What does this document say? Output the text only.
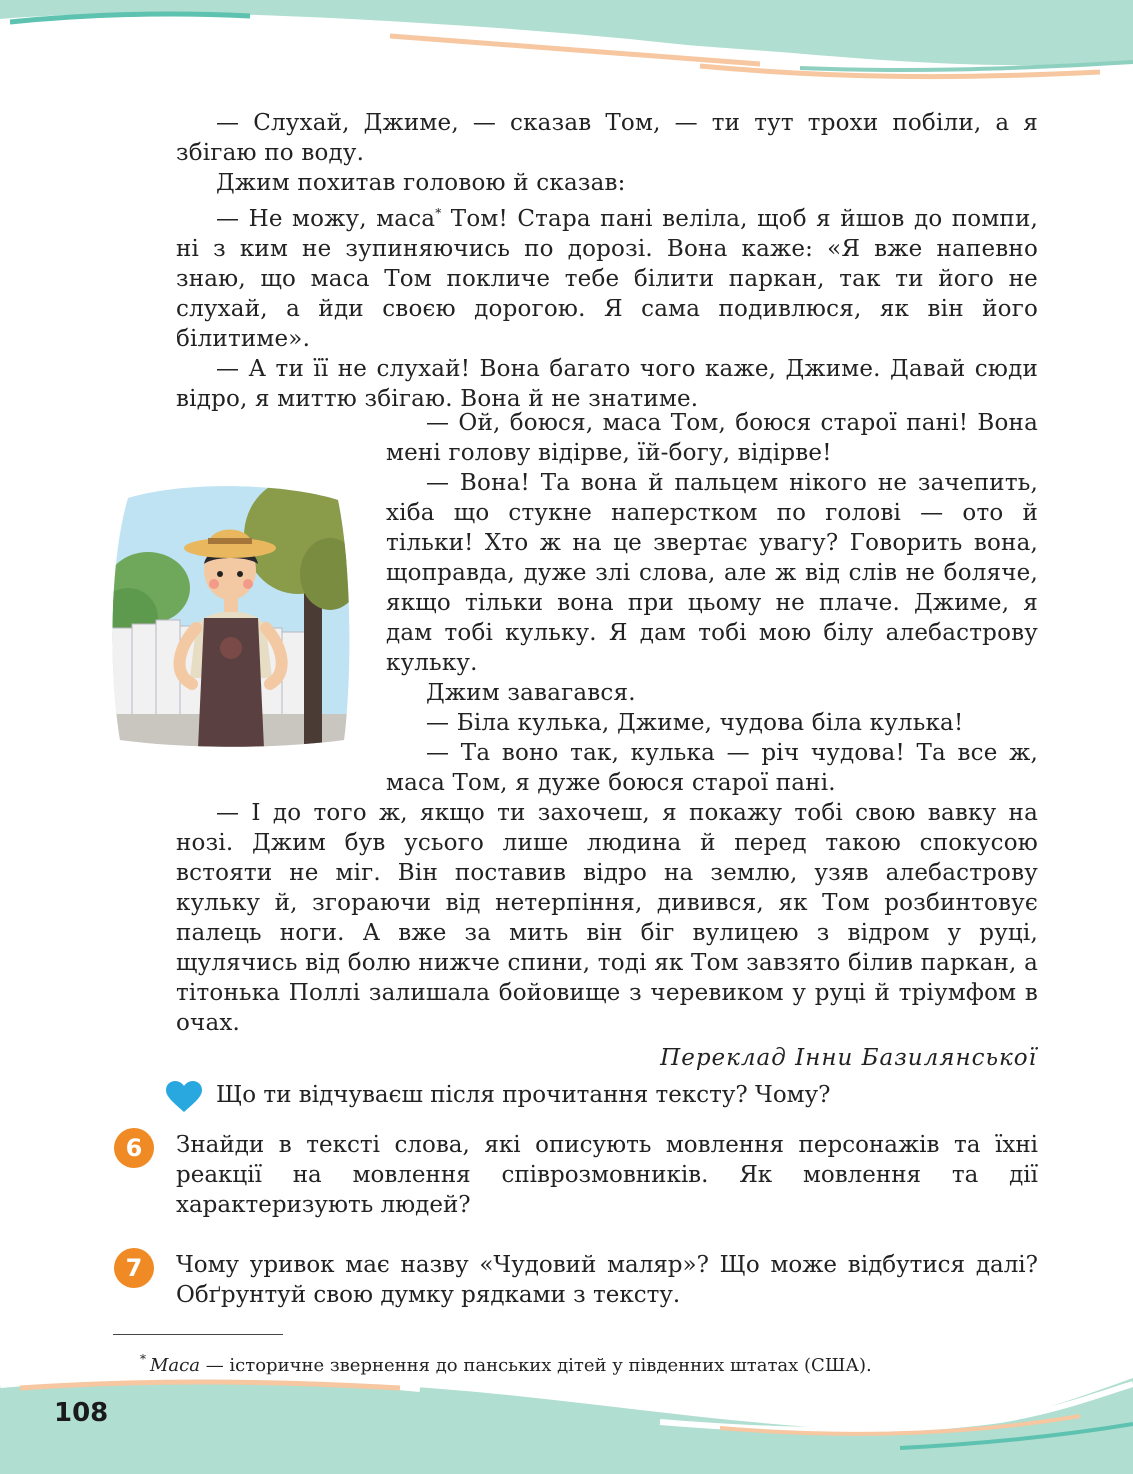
— Слухай, Джиме, — сказав Том, — ти тут трохи побіли, а я збігаю по воду.

Джим похитав головою й сказав:

— Не можу, маса* Том! Стара пані веліла, щоб я йшов до помпи, ні з ким не зупиняючись по дорозі. Вона каже: «Я вже напевно знаю, що маса Том покличе тебе білити паркан, так ти його не слухай, а йди своєю дорогою. Я сама подивлюся, як він його білитиме».

— А ти її не слухай! Вона багато чого каже, Джиме. Давай сюди відро, я миттю збігаю. Вона й не знатиме.

— Ой, боюся, маса Том, боюся старої пані! Вона мені голову відірве, їй-богу, відірве!

— Вона! Та вона й пальцем нікого не зачепить, хіба що стукне наперстком по голові — ото й тільки! Хто ж на це звертає увагу? Говорить вона, щоправда, дуже злі слова, але ж від слів не боляче, якщо тільки вона при цьому не плаче. Джиме, я дам тобі кульку. Я дам тобі мою білу алебастрову кульку.

Джим завагався.

— Біла кулька, Джиме, чудова біла кулька!

— Та воно так, кулька — річ чудова! Та все ж, маса Том, я дуже боюся старої пані.

— І до того ж, якщо ти захочеш, я покажу тобі свою вавку на нозі. Джим був усього лише людина й перед такою спокусою встояти не міг. Він поставив відро на землю, узяв алебастрову кульку й, згораючи від нетерпіння, дивився, як Том розбинтовує палець ноги. А вже за мить він біг вулицею з відром у руці, щулячись від болю нижче спини, тоді як Том завзято білив паркан, а тітонька Поллі залишала бойовище з черевиком у руці й тріумфом в очах.

Переклад Інни Базилянської
Що ти відчуваєш після прочитання тексту? Чому?
6	Знайди в тексті слова, які описують мовлення персонажів та їхні реакції на мовлення співрозмовників. Як мовлення та дії характеризують людей?
7	Чому уривок має назву «Чудовий маляр»? Що може відбутися далі? Обґрунтуй свою думку рядками з тексту.
* Маса — історичне звернення до панських дітей у південних штатах (США).
108
